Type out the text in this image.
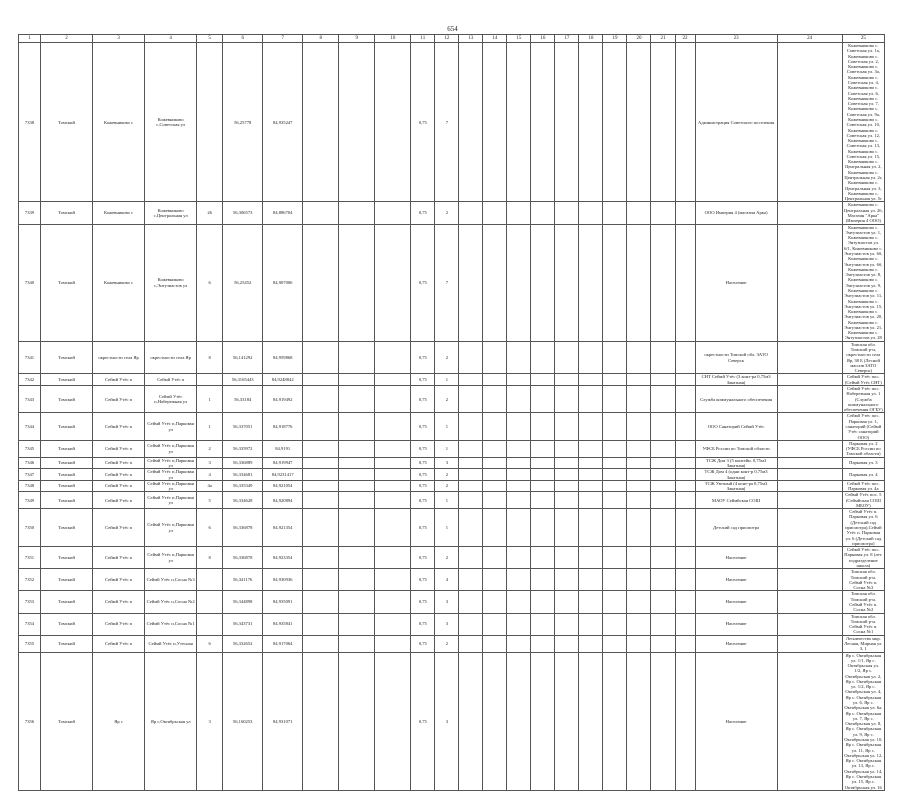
654
1	2	3	4	5	6	7	8	9	10	11	12	13	14	15	16	17	18	19	20	21	22	23	24	25
7338	Томский	Кожевниково с	Кожевниково с,Советская ул		56,25778	84,935247				0,75	7											Администрация Советского поселения		Кожевниково с. Советская ул. 1а, Кожевниково с. Советская ул. 2, Кожевниково с. Советская ул. 3а, Кожевниково с. Советская ул. 4, Кожевниково с. Советская ул. 6, Кожевниково с. Советская ул. 7, Кожевниково с. Советская ул. 9а, Кожевниково с. Советская ул. 10, Кожевниково с. Советская ул. 12, Кожевниково с. Советская ул. 13, Кожевниково с. Советская ул. 15, Кожевниково с. Центральная ул. 2, Кожевниково с. Центральная ул. 2г, Кожевниково с. Центральная ул. 3, Кожевниково с. Центральная ул. 5г
7339	Томский	Кожевниково с	Кожевниково с,Центральная ул	26	56,306573	84,886704				0,75	2											ООО Империя 4 (магазин Арка)		Кожевниково с. Центральная ул. 26, Магазин "Арка" (Империя 4 ООО)
7340	Томский	Кожевниково с	Кожевниково с,Энтузиастов ул	6	56,25452	84,907006				0,75	7											Население		Кожевниково с. Энтузиастов ул. 1, Кожевниково с. Энтузиастов ул. 6/1, Кожевниково с. Энтузиастов ул. 6б, Кожевниково с. Энтузиастов ул. 6б, Кожевниково с. Энтузиастов ул. 8, Кожевниково с. Энтузиастов ул. 9, Кожевниково с. Энтузиастов ул. 11, Кожевниково с. Энтузиастов ул. 15, Кожевниково с. Энтузиастов ул. 20, Кожевниково с. Энтузиастов ул. 21, Кожевниково с. Энтузиастов ул. 28
7341	Томский	окрестности села Яр	окрестности села Яр	8	56,141292	84,959868				0,75	2											окрестности Томской обл. ЗАТО Северск		Томская обл. Томский р-н, окрестности села Яр, 38 Б (Лесной массив ЗАТО Северск)
7342	Томский	Сеймй Утёс п	Сеймй Утёс п		56,3165443	84,9248842				0,75	1											СНТ Сеймй Утёс (3 конт-ра 0,75м3 Закатная)		Сеймй Утёс пос. (Сеймй Утёс СНТ)
7343	Томский	Сеймй Утёс п	Сеймй Утёс п,Набережная ул	1	56,33184	84,919492				0,75	2											Служба коммунального обеспечения		Сеймй Утёс пос. Набережная ул. 1 (Служба коммунального обеспечения ОГБУ)
7344	Томский	Сеймй Утёс п	Сеймй Утёс п,Парковая ул	1	56,337051	84,918776				0,75	1											ООО Санаторий Сеймй Утёс		Сеймй Утёс пос. Парковая ул. 1, санаторий (Сеймй Утёс санаторий ООО)
7345	Томский	Сеймй Утёс п	Сеймй Утёс п,Парковая ул	2	56,335972	84,9191				0,75	1											УФСБ России по Томской области		Парковая ул. 2 (УФСБ России по Томской области)
7346	Томский	Сеймй Утёс п	Сеймй Утёс п,Парковая ул	3	56,336889	84,919947				0,75	3											ТСЖ Дом 3 (5 контейн. 0,75м3 Закатная)		Парковая ул. 3
7347	Томский	Сеймй Утёс п	Сеймй Утёс п,Парковая ул	4	56,334681	84,9231417				0,75	2											ТСЖ Дом 4 (одни конт-р 0,75м3 Закатная)		Парковая ул. 4
7348	Томский	Сеймй Утёс п	Сеймй Утёс п,Парковая ул	4а	56,335349	84,921054				0,75	2											ТСЖ Уютный (4 конт-ра 0,75м3 Закатная)		Сеймй Утёс пос. Парковая ул. 4а
7349	Томский	Сеймй Утёс п	Сеймй Утёс п,Парковая ул	5	56,334628	84,920894				0,75	1											МАОУ Сеймйская СОШ		Сеймй Утёс пос. 5 (Сеймйская СОШ МБОУ)
7350	Томский	Сеймй Утёс п	Сеймй Утёс п,Парковая ул	6	56,336878	84,921354				0,75	1											Детский сад присмотра		Сеймй Утёс п. Парковая ул. 6 (Детский сад присмотра),Сеймй Утёс п. Парковая ул. 6 (Детский сад присмотра)
7351	Томский	Сеймй Утёс п	Сеймй Утёс п,Парковая ул	8	56,336878	84,923354				0,75	2											Население		Сеймй Утёс пос. Парковая ул. 8 (лет. подразделение школа)
7352	Томский	Сеймй Утёс п	Сеймй Утёс п,Сосна №3		56,341176	84,930936				0,75	4											Население		Томская обл. Томский р-н. Сеймй Утёс п. Сосна №3
7353	Томский	Сеймй Утёс п	Сеймй Утёс п,Сосна №2		56,344898	84,935091				0,75	3											Население		Томская обл. Томский р-н. Сеймй Утёс п. Сосна №2
7354	Томский	Сеймй Утёс п	Сеймй Утёс п,Сосна №1		56,343731	84,935841				0,75	3											Население		Томская обл. Томский р-н. Сеймй Утёс п. Сосна №1
7355	Томский	Сеймй Утёс п	Сеймй Утёс п,Утесная	6	56,332652	84,917064				0,75	2											Население		Лесничество мкр. Лесная, Мирная ул. 3, 1
7356	Томский	Яр с	Яр с,Октябрьская ул	3	56,160253	84,931071				0,75	3											Население		Яр с. Октябрьская ул. 1/1, Яр с. Октябрьская ул. 1/2, Яр с. Октябрьская ул. 2, Яр с. Октябрьская ул. 1/2, Яр с. Октябрьская ул. 4, Яр с. Октябрьская ул. 6, Яр с. Октябрьская ул. 6а, Яр с. Октябрьская ул. 7, Яр с. Октябрьская ул. 8, Яр с. Октябрьская ул. 9, Яр с. Октябрьская ул. 10, Яр с. Октябрьская ул. 11, Яр с. Октябрьская ул. 12, Яр с. Октябрьская ул. 13, Яр с. Октябрьская ул. 14, Яр с. Октябрьская ул. 15, Яр с. Октябрьская ул. 16
